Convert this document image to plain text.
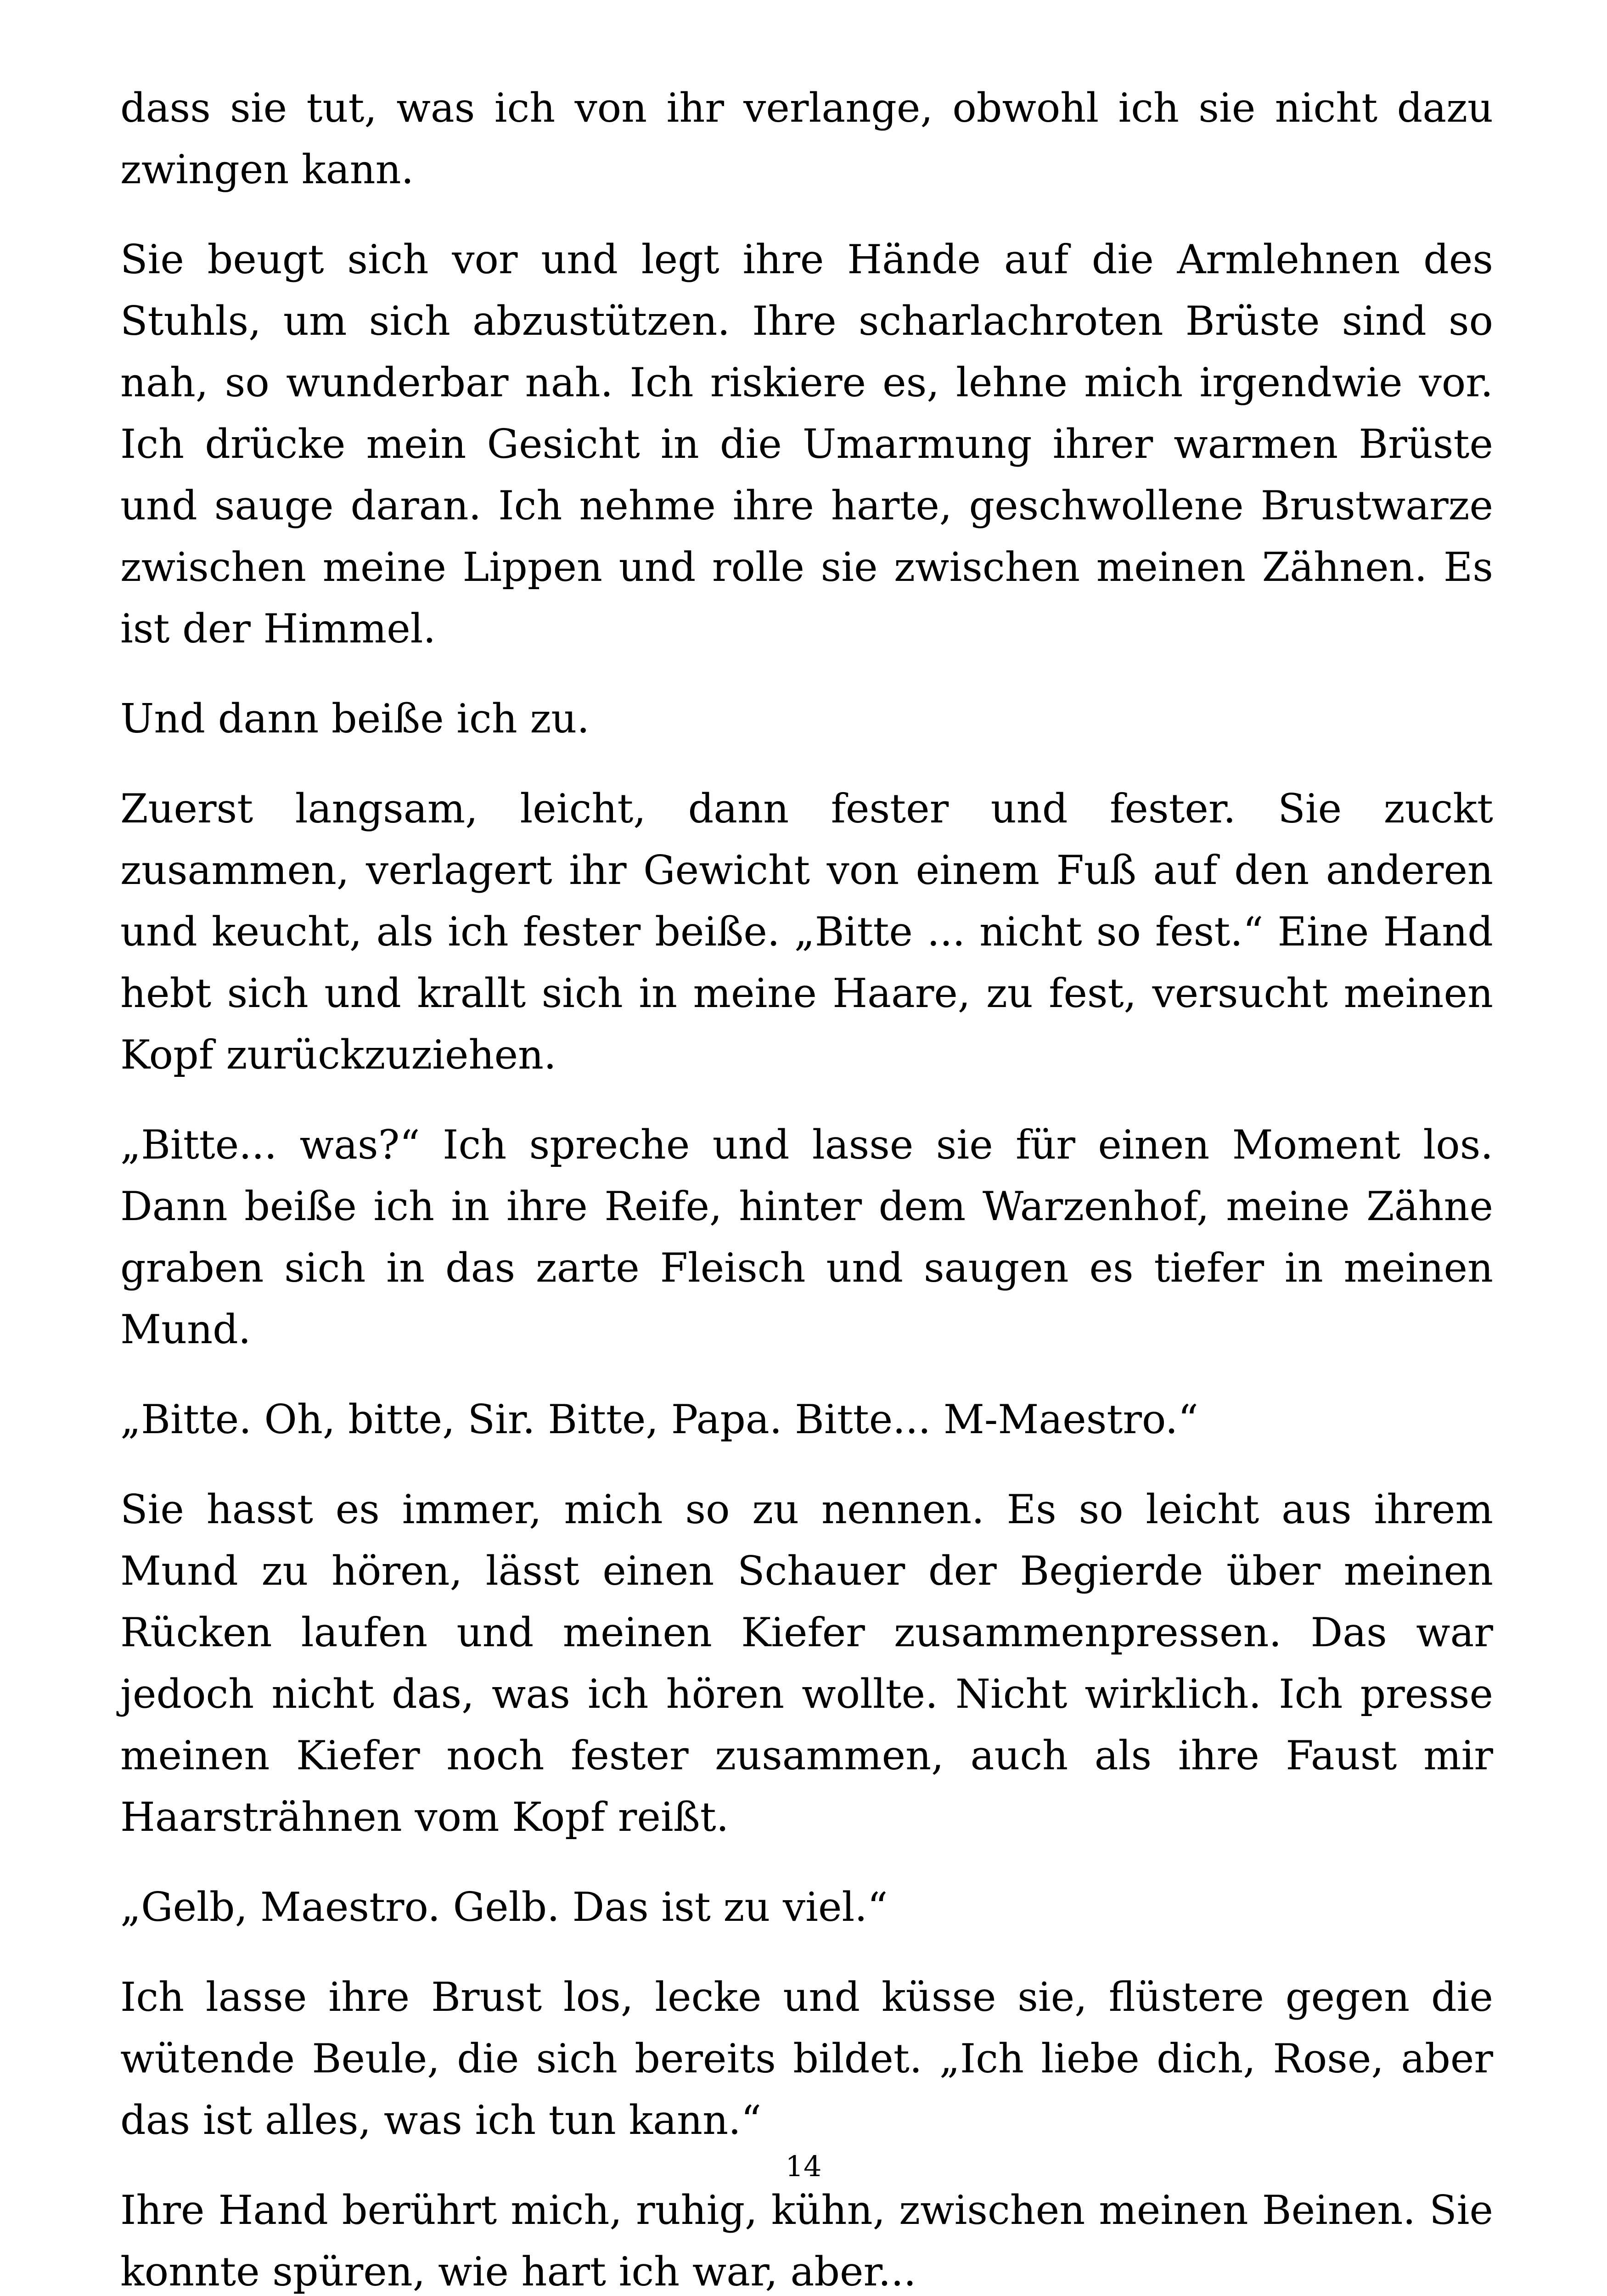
dass sie tut, was ich von ihr verlange, obwohl ich sie nicht dazu zwingen kann.

Sie beugt sich vor und legt ihre Hände auf die Armlehnen des Stuhls, um sich abzustützen. Ihre scharlachroten Brüste sind so nah, so wunderbar nah. Ich riskiere es, lehne mich irgendwie vor. Ich drücke mein Gesicht in die Umarmung ihrer warmen Brüste und sauge daran. Ich nehme ihre harte, geschwollene Brustwarze zwischen meine Lippen und rolle sie zwischen meinen Zähnen. Es ist der Himmel.

Und dann beiße ich zu.

Zuerst langsam, leicht, dann fester und fester. Sie zuckt zusammen, verlagert ihr Gewicht von einem Fuß auf den anderen und keucht, als ich fester beiße. „Bitte ... nicht so fest.“ Eine Hand hebt sich und krallt sich in meine Haare, zu fest, versucht meinen Kopf zurückzuziehen.

„Bitte... was?“ Ich spreche und lasse sie für einen Moment los. Dann beiße ich in ihre Reife, hinter dem Warzenhof, meine Zähne graben sich in das zarte Fleisch und saugen es tiefer in meinen Mund.

„Bitte. Oh, bitte, Sir. Bitte, Papa. Bitte... M-Maestro.“

Sie hasst es immer, mich so zu nennen. Es so leicht aus ihrem Mund zu hören, lässt einen Schauer der Begierde über meinen Rücken laufen und meinen Kiefer zusammenpressen. Das war jedoch nicht das, was ich hören wollte. Nicht wirklich. Ich presse meinen Kiefer noch fester zusammen, auch als ihre Faust mir Haarsträhnen vom Kopf reißt.

„Gelb, Maestro. Gelb. Das ist zu viel.“

Ich lasse ihre Brust los, lecke und küsse sie, flüstere gegen die wütende Beule, die sich bereits bildet. „Ich liebe dich, Rose, aber das ist alles, was ich tun kann.“

Ihre Hand berührt mich, ruhig, kühn, zwischen meinen Beinen. Sie konnte spüren, wie hart ich war, aber...

14
